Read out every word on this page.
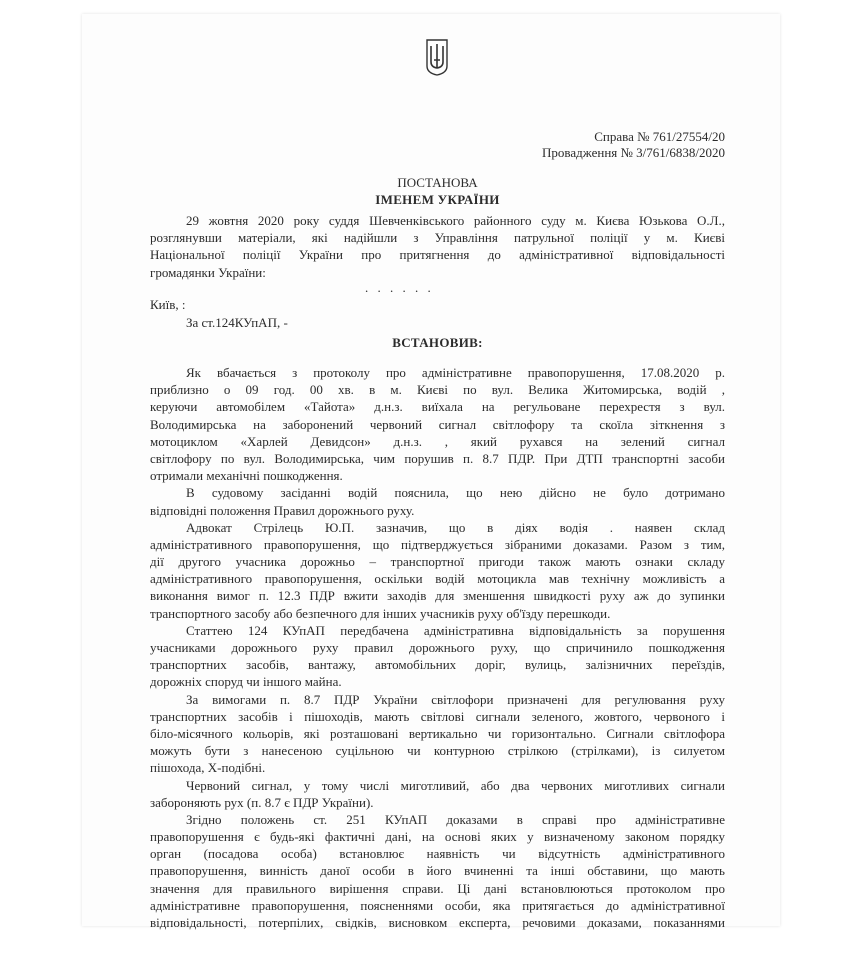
Справа № 761/27554/20
Провадження № 3/761/6838/2020
ПОСТАНОВА
ІМЕНЕМ УКРАЇНИ
29 жовтня 2020 року суддя Шевченківського районного суду м. Києва Юзькова О.Л.,
розглянувши матеріали, які надійшли з Управління патрульної поліції у м. Києві
Національної поліції України про притягнення до адміністративної відповідальності
громадянки України:
. . . . . .
Київ, :
За ст.124КУпАП, -
ВСТАНОВИВ:
Як вбачається з протоколу про адміністративне правопорушення, 17.08.2020 р.
приблизно о 09 год. 00 хв. в м. Києві по вул. Велика Житомирська, водій ,
керуючи автомобілем «Тайота» д.н.з. виїхала на регульоване перехрестя з вул.
Володимирська на заборонений червоний сигнал світлофору та скоїла зіткнення з
мотоциклом «Харлей Девидсон» д.н.з. , який рухався на зелений сигнал
світлофору по вул. Володимирська, чим порушив п. 8.7 ПДР. При ДТП транспортні засоби
отримали механічні пошкодження.
В судовому засіданні водій пояснила, що нею дійсно не було дотримано
відповідні положення Правил дорожнього руху.
Адвокат Стрілець Ю.П. зазначив, що в діях водія . наявен склад
адміністративного правопорушення, що підтверджується зібраними доказами. Разом з тим,
дії другого учасника дорожньо – транспортної пригоди також мають ознаки складу
адміністративного правопорушення, оскільки водій мотоцикла мав технічну можливість а
виконання вимог п. 12.3 ПДР вжити заходів для зменшення швидкості руху аж до зупинки
транспортного засобу або безпечного для інших учасників руху об'їзду перешкоди.
Статтею 124 КУпАП передбачена адміністративна відповідальність за порушення
учасниками дорожнього руху правил дорожнього руху, що спричинило пошкодження
транспортних засобів, вантажу, автомобільних доріг, вулиць, залізничних переїздів,
дорожніх споруд чи іншого майна.
За вимогами п. 8.7 ПДР України світлофори призначені для регулювання руху
транспортних засобів і пішоходів, мають світлові сигнали зеленого, жовтого, червоного і
біло-місячного кольорів, які розташовані вертикально чи горизонтально. Сигнали світлофора
можуть бути з нанесеною суцільною чи контурною стрілкою (стрілками), із силуетом
пішохода, Х-подібні.
Червоний сигнал, у тому числі миготливий, або два червоних миготливих сигнали
забороняють рух (п. 8.7 є ПДР України).
Згідно положень ст. 251 КУпАП доказами в справі про адміністративне
правопорушення є будь-які фактичні дані, на основі яких у визначеному законом порядку
орган (посадова особа) встановлює наявність чи відсутність адміністративного
правопорушення, винність даної особи в його вчиненні та інші обставини, що мають
значення для правильного вирішення справи. Ці дані встановлюються протоколом про
адміністративне правопорушення, поясненнями особи, яка притягається до адміністративної
відповідальності, потерпілих, свідків, висновком експерта, речовими доказами, показаннями
